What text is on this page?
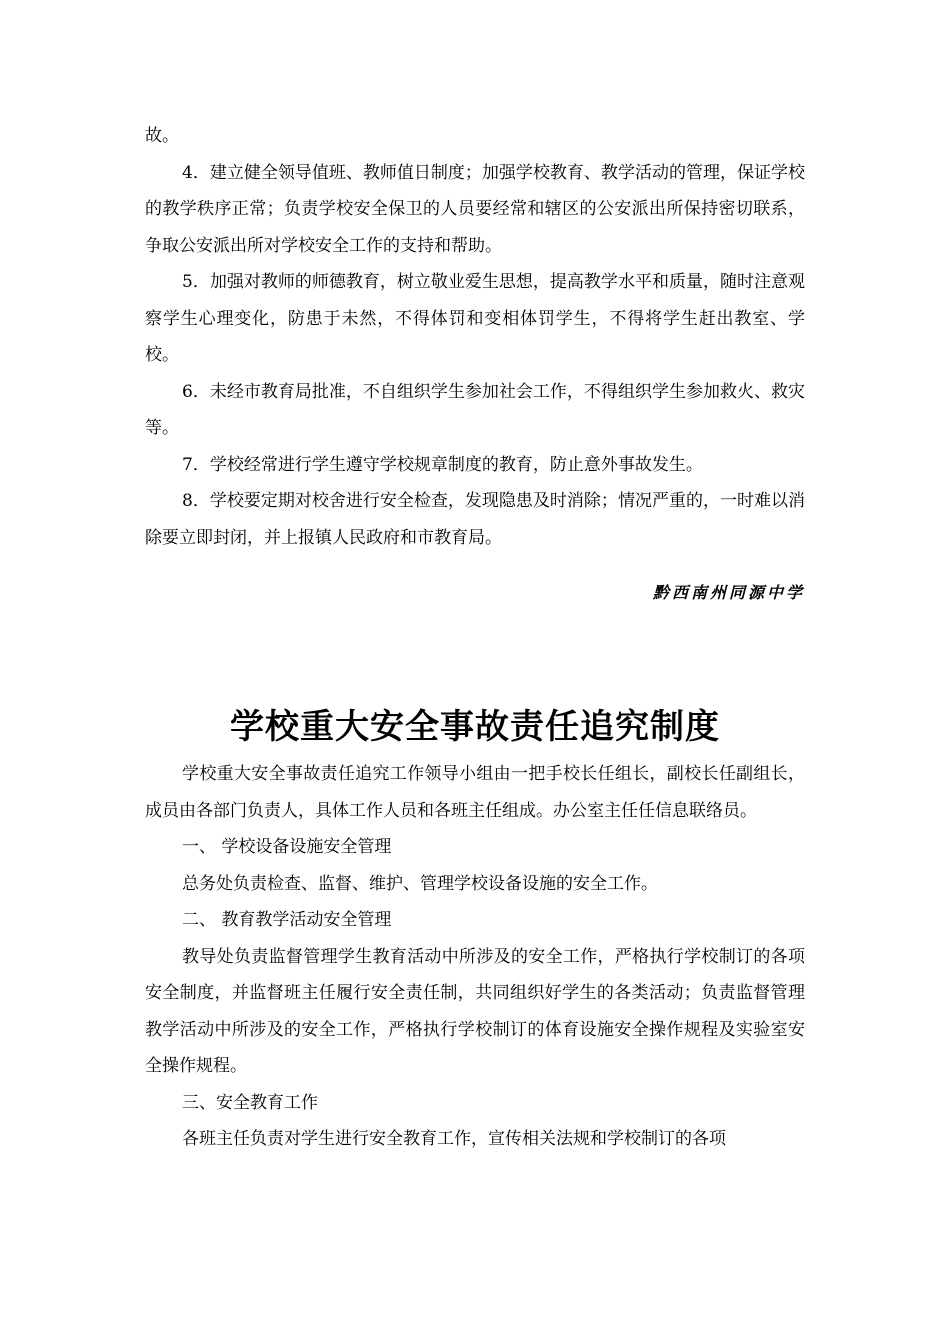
故。

4．建立健全领导值班、教师值日制度；加强学校教育、教学活动的管理，保证学校的教学秩序正常；负责学校安全保卫的人员要经常和辖区的公安派出所保持密切联系，争取公安派出所对学校安全工作的支持和帮助。

5．加强对教师的师德教育，树立敬业爱生思想，提高教学水平和质量，随时注意观察学生心理变化，防患于未然，不得体罚和变相体罚学生，不得将学生赶出教室、学校。

6．未经市教育局批准，不自组织学生参加社会工作，不得组织学生参加救火、救灾等。

7．学校经常进行学生遵守学校规章制度的教育，防止意外事故发生。

8．学校要定期对校舍进行安全检查，发现隐患及时消除；情况严重的，一时难以消除要立即封闭，并上报镇人民政府和市教育局。

黔西南州同源中学

学校重大安全事故责任追究制度

学校重大安全事故责任追究工作领导小组由一把手校长任组长，副校长任副组长，成员由各部门负责人，具体工作人员和各班主任组成。办公室主任任信息联络员。

一、 学校设备设施安全管理

总务处负责检查、监督、维护、管理学校设备设施的安全工作。

二、 教育教学活动安全管理

教导处负责监督管理学生教育活动中所涉及的安全工作，严格执行学校制订的各项安全制度，并监督班主任履行安全责任制，共同组织好学生的各类活动；负责监督管理教学活动中所涉及的安全工作，严格执行学校制订的体育设施安全操作规程及实验室安全操作规程。

三、安全教育工作

各班主任负责对学生进行安全教育工作，宣传相关法规和学校制订的各项
